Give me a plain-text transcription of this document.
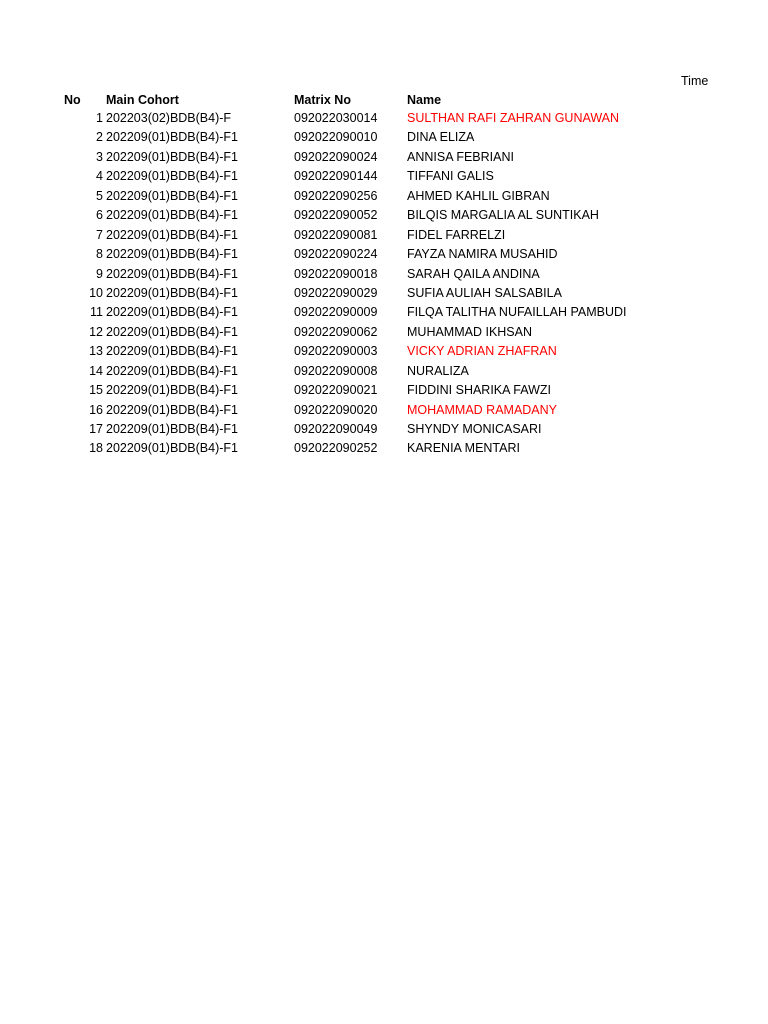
Time
No Main Cohort	Matrix No	Name
1 202203(02)BDB(B4)-F	092022030014 SULTHAN RAFI ZAHRAN GUNAWAN
2 202209(01)BDB(B4)-F1	092022090010 DINA ELIZA
3 202209(01)BDB(B4)-F1	092022090024 ANNISA FEBRIANI
4 202209(01)BDB(B4)-F1	092022090144 TIFFANI GALIS
5 202209(01)BDB(B4)-F1	092022090256 AHMED KAHLIL GIBRAN
6 202209(01)BDB(B4)-F1	092022090052 BILQIS MARGALIA AL SUNTIKAH
7 202209(01)BDB(B4)-F1	092022090081 FIDEL FARRELZI
8 202209(01)BDB(B4)-F1	092022090224 FAYZA NAMIRA MUSAHID
9 202209(01)BDB(B4)-F1	092022090018 SARAH QAILA ANDINA
10 202209(01)BDB(B4)-F1	092022090029 SUFIA AULIAH SALSABILA
11 202209(01)BDB(B4)-F1	092022090009 FILQA TALITHA NUFAILLAH PAMBUDI
12 202209(01)BDB(B4)-F1	092022090062 MUHAMMAD IKHSAN
13 202209(01)BDB(B4)-F1	092022090003 VICKY ADRIAN ZHAFRAN
14 202209(01)BDB(B4)-F1	092022090008 NURALIZA
15 202209(01)BDB(B4)-F1	092022090021 FIDDINI SHARIKA FAWZI
16 202209(01)BDB(B4)-F1	092022090020 MOHAMMAD RAMADANY
17 202209(01)BDB(B4)-F1	092022090049 SHYNDY MONICASARI
18 202209(01)BDB(B4)-F1	092022090252 KARENIA MENTARI
